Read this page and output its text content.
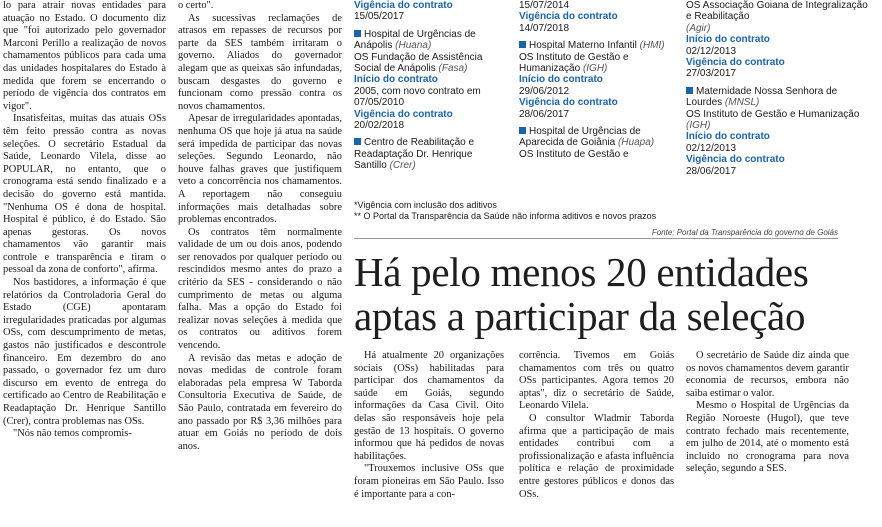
lo para atrair novas entidades para atuação no Estado. O documento diz que "foi autorizado pelo governador Marconi Perillo a realização de novos chamamentos públicos para cada uma das unidades hospitalares do Estado à medida que forem se encerrando o período de vigência dos contratos em vigor".

Insatisfeitas, muitas das atuais OSs têm feito pressão contra as novas seleções. O secretário Estadual da Saúde, Leonardo Vilela, disse ao POPULAR, no entanto, que o cronograma está sendo finalizado e a decisão do governo está mantida. "Nenhuma OS é dona de hospital. Hospital é público, é do Estado. São apenas gestoras. Os novos chamamentos vão garantir mais controle e transparência e tiram o pessoal da zona de conforto", afirma.

Nos bastidores, a informação é que relatórios da Controladoria Geral do Estado (CGE) apontaram irregularidades praticadas por algumas OSs, com descumprimento de metas, gastos não justificados e descontrole financeiro. Em dezembro do ano passado, o governador fez um duro discurso em evento de entrega do certificado ao Centro de Reabilitação e Readaptação Dr. Henrique Santillo (Crer), contra problemas nas OSs.

"Nós não temos compromis-

o certo".

As sucessivas reclamações de atrasos em repasses de recursos por parte da SES também irritaram o governo. Aliados do governador alegam que as queixas são infundadas, buscam desgastes do governo e funcionam como pressão contra os novos chamamentos.

Apesar de irregularidades apontadas, nenhuma OS que hoje já atua na saúde será impedida de participar das novas seleções. Segundo Leonardo, não houve falhas graves que justifiquem veto a concorrência nos chamamentos. A reportagem não conseguiu informações mais detalhadas sobre problemas encontrados.

Os contratos têm normalmente validade de um ou dois anos, podendo ser renovados por qualquer período ou rescindidos mesmo antes do prazo a critério da SES - considerando o não cumprimento de metas ou alguma falha. Mas a opção do Estado foi realizar novas seleções à medida que os contratos ou aditivos forem vencendo.

A revisão das metas e adoção de novas medidas de controle foram elaboradas pela empresa W Taborda Consultoria Executiva de Saúde, de São Paulo, contratada em fevereiro do ano passado por R$ 3,36 milhões para atuar em Goiás no período de dois anos.

Vigência do contrato
15/05/2017
Hospital de Urgências de Anápolis (Huana)
OS Fundação de Assistência Social de Anápolis (Fasa)
Início do contrato
2005, com novo contrato em 07/05/2010
Vigência do contrato
20/02/2018
Centro de Reabilitação e Readaptação Dr. Henrique Santillo (Crer)
15/07/2014
Vigência do contrato
14/07/2018
Hospital Materno Infantil (HMI)
OS Instituto de Gestão e Humanização (IGH)
Início do contrato
29/06/2012
Vigência do contrato
28/06/2017
Hospital de Urgências de Aparecida de Goiânia (Huapa)
OS Instituto de Gestão e
OS Associação Goiana de Integralização e Reabilitação
(Agir)
Início do contrato
02/12/2013
Vigência do contrato
27/03/2017
Maternidade Nossa Senhora de Lourdes (MNSL)
OS Instituto de Gestão e Humanização (IGH)
Início do contrato
02/12/2013
Vigência do contrato
28/06/2017
*Vigência com inclusão dos aditivos
** O Portal da Transparência da Saúde não informa aditivos e novos prazos
Fonte: Portal da Transparência do governo de Goiás
Há pelo menos 20 entidades
aptas a participar da seleção

Há atualmente 20 organizações sociais (OSs) habilitadas para participar dos chamamentos da saúde em Goiás, segundo informações da Casa Civil. Oito delas são responsáveis hoje pela gestão de 13 hospitais. O governo informou que há pedidos de novas habilitações.

"Trouxemos inclusive OSs que foram pioneiras em São Paulo. Isso é importante para a con-

corrência. Tivemos em Goiás chamamentos com três ou quatro OSs participantes. Agora temos 20 aptas", diz o secretário de Saúde, Leonardo Vilela.

O consultor Wladmir Taborda afirma que a participação de mais entidades contribui com a profissionalização e afasta influência política e relação de proximidade entre gestores públicos e donos das OSs.

O secretário de Saúde diz ainda que os novos chamamentos devem garantir economia de recursos, embora não saiba estimar o valor.

Mesmo o Hospital de Urgências da Região Noroeste (Hugol), que teve contrato fechado mais recentemente, em julho de 2014, até o momento está incluído no cronograma para nova seleção, segundo a SES.
